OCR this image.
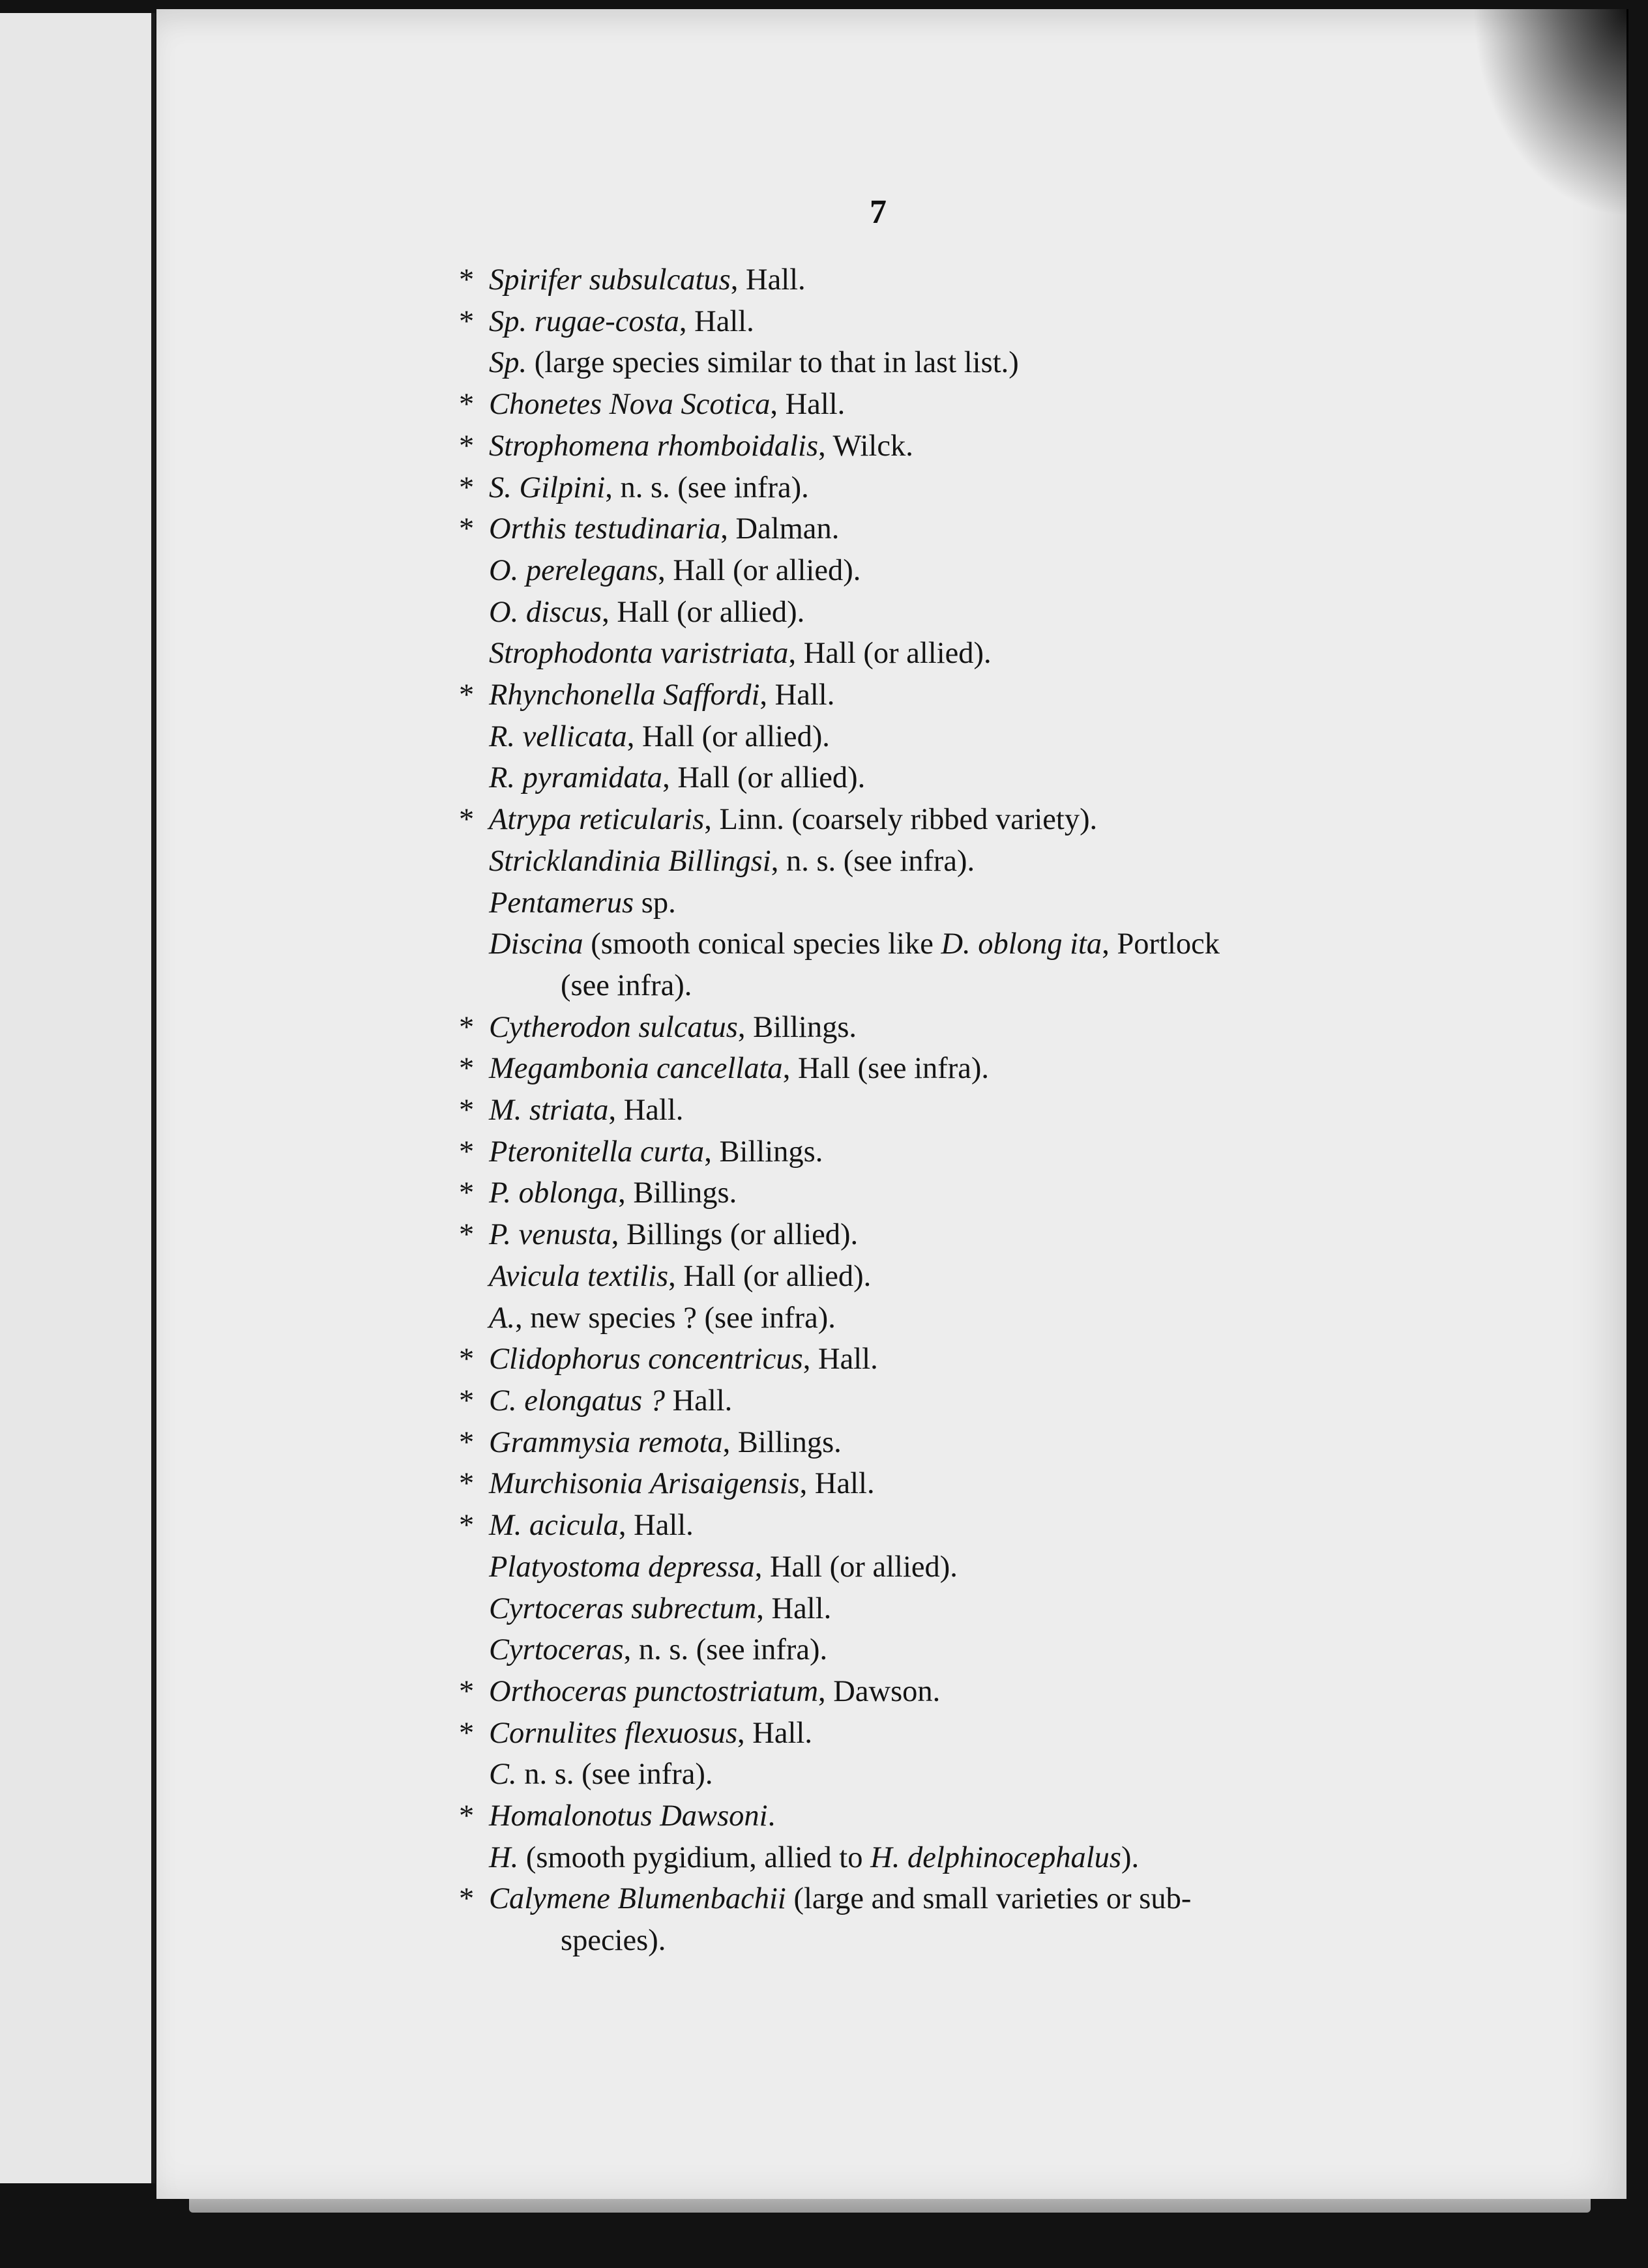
7
* Spirifer subsulcatus, Hall.
* Sp. rugae-costa, Hall.
Sp. (large species similar to that in last list.)
* Chonetes Nova Scotica, Hall.
* Strophomena rhomboidalis, Wilck.
* S. Gilpini, n. s. (see infra).
* Orthis testudinaria, Dalman.
O. perelegans, Hall (or allied).
O. discus, Hall (or allied).
Strophodonta varistriata, Hall (or allied).
* Rhynchonella Saffordi, Hall.
R. vellicata, Hall (or allied).
R. pyramidata, Hall (or allied).
* Atrypa reticularis, Linn. (coarsely ribbed variety).
Stricklandinia Billingsi, n. s. (see infra).
Pentamerus sp.
Discina (smooth conical species like D. oblong ita, Portlock
(see infra).
* Cytherodon sulcatus, Billings.
* Megambonia cancellata, Hall (see infra).
* M. striata, Hall.
* Pteronitella curta, Billings.
* P. oblonga, Billings.
* P. venusta, Billings (or allied).
Avicula textilis, Hall (or allied).
A., new species ? (see infra).
* Clidophorus concentricus, Hall.
* C. elongatus ? Hall.
* Grammysia remota, Billings.
* Murchisonia Arisaigensis, Hall.
* M. acicula, Hall.
Platyostoma depressa, Hall (or allied).
Cyrtoceras subrectum, Hall.
Cyrtoceras, n. s. (see infra).
* Orthoceras punctostriatum, Dawson.
* Cornulites flexuosus, Hall.
C. n. s. (see infra).
* Homalonotus Dawsoni.
H. (smooth pygidium, allied to H. delphinocephalus).
* Calymene Blumenbachii (large and small varieties or sub-
species).
